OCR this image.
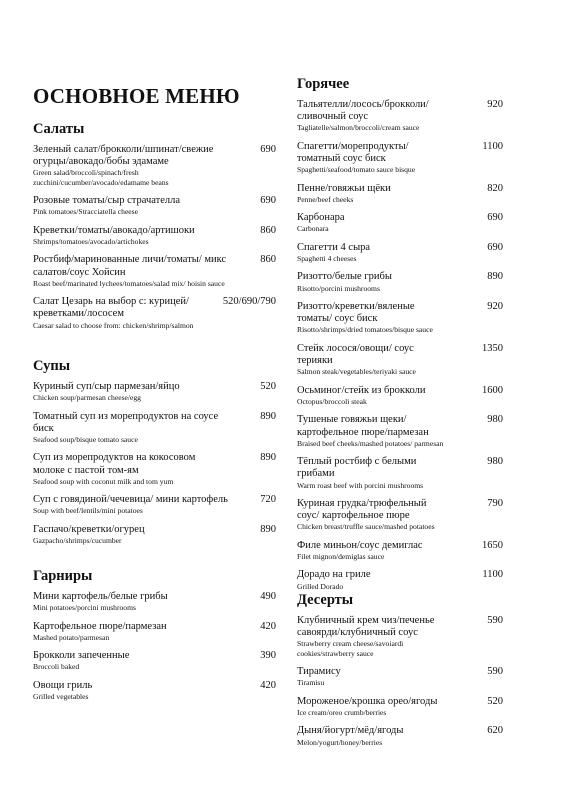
ОСНОВНОЕ МЕНЮ
Салаты
Зеленый салат/брокколи/шпинат/свежие огурцы/авокадо/бобы эдамаме
Green salad/broccoli/spinach/fresh zucchini/cucumber/avocado/edamame beans
690
Розовые томаты/сыр страчателла
Pink tomatoes/Stracciatella cheese
690
Креветки/томаты/авокадо/артишоки
Shrimps/tomatoes/avocado/artichokes
860
Ростбиф/маринованные личи/томаты/ микс салатов/соус Хойсин
Roast beef/marinated lychees/tomatoes/salad mix/ hoisin sauce
860
Салат Цезарь на выбор с: курицей/креветками/лососем
Caesar salad to choose from: chicken/shrimp/salmon
520/690/790
Супы
Куриный суп/сыр пармезан/яйцо
Chicken soup/parmesan cheese/egg
520
Томатный суп из морепродуктов на соусе биск
Seafood soup/bisque tomato sauce
890
Суп из морепродуктов на кокосовом молоке с пастой том-ям
Seafood soup with coconut milk and tom yum
890
Суп с говядиной/чечевица/ мини картофель
Soup with beef/lentils/mini potatoes
720
Гаспачо/креветки/огурец
Gazpacho/shrimps/cucumber
890
Гарниры
Мини картофель/белые грибы
Mini potatoes/porcini mushrooms
490
Картофельное пюре/пармезан
Mashed potato/parmesan
420
Брокколи запеченные
Broccoli baked
390
Овощи гриль
Grilled vegetables
420
Горячее
Тальятелли/лосось/брокколи/ сливочный соус
Tagliatelle/salmon/broccoli/cream sauce
920
Спагетти/морепродукты/ томатный соус биск
Spaghetti/seafood/tomato sauce bisque
1100
Пенне/говяжьи щёки
Penne/beef cheeks
820
Карбонара
Carbonara
690
Спагетти 4 сыра
Spaghetti 4 cheeses
690
Ризотто/белые грибы
Risotto/porcini mushrooms
890
Ризотто/креветки/вяленые томаты/ соус биск
Risotto/shrimps/dried tomatoes/bisque sauce
920
Стейк лосося/овощи/ соус терияки
Salmon steak/vegetables/teriyaki sauce
1350
Осьминог/стейк из брокколи
Octopus/broccoli steak
1600
Тушеные говяжьи щеки/ картофельное пюре/пармезан
Braised beef cheeks/mashed potatoes/ parmesan
980
Тёплый ростбиф с белыми грибами
Warm roast beef with porcini mushrooms
980
Куриная грудка/трюфельный соус/ картофельное пюре
Chicken breast/truffle sauce/mashed potatoes
790
Филе миньон/соус демиглас
Filet mignon/demiglas sauce
1650
Дорадо на гриле
Grilled Dorado
1100
Десерты
Клубничный крем чиз/печенье савоярди/клубничный соус
Strawberry cream cheese/savoiardi cookies/strawberry sauce
590
Тирамису
Tiramisu
590
Мороженое/крошка орео/ягоды
Ice cream/oreo crumb/berries
520
Дыня/йогурт/мёд/ягоды
Melon/yogurt/honey/berries
620
